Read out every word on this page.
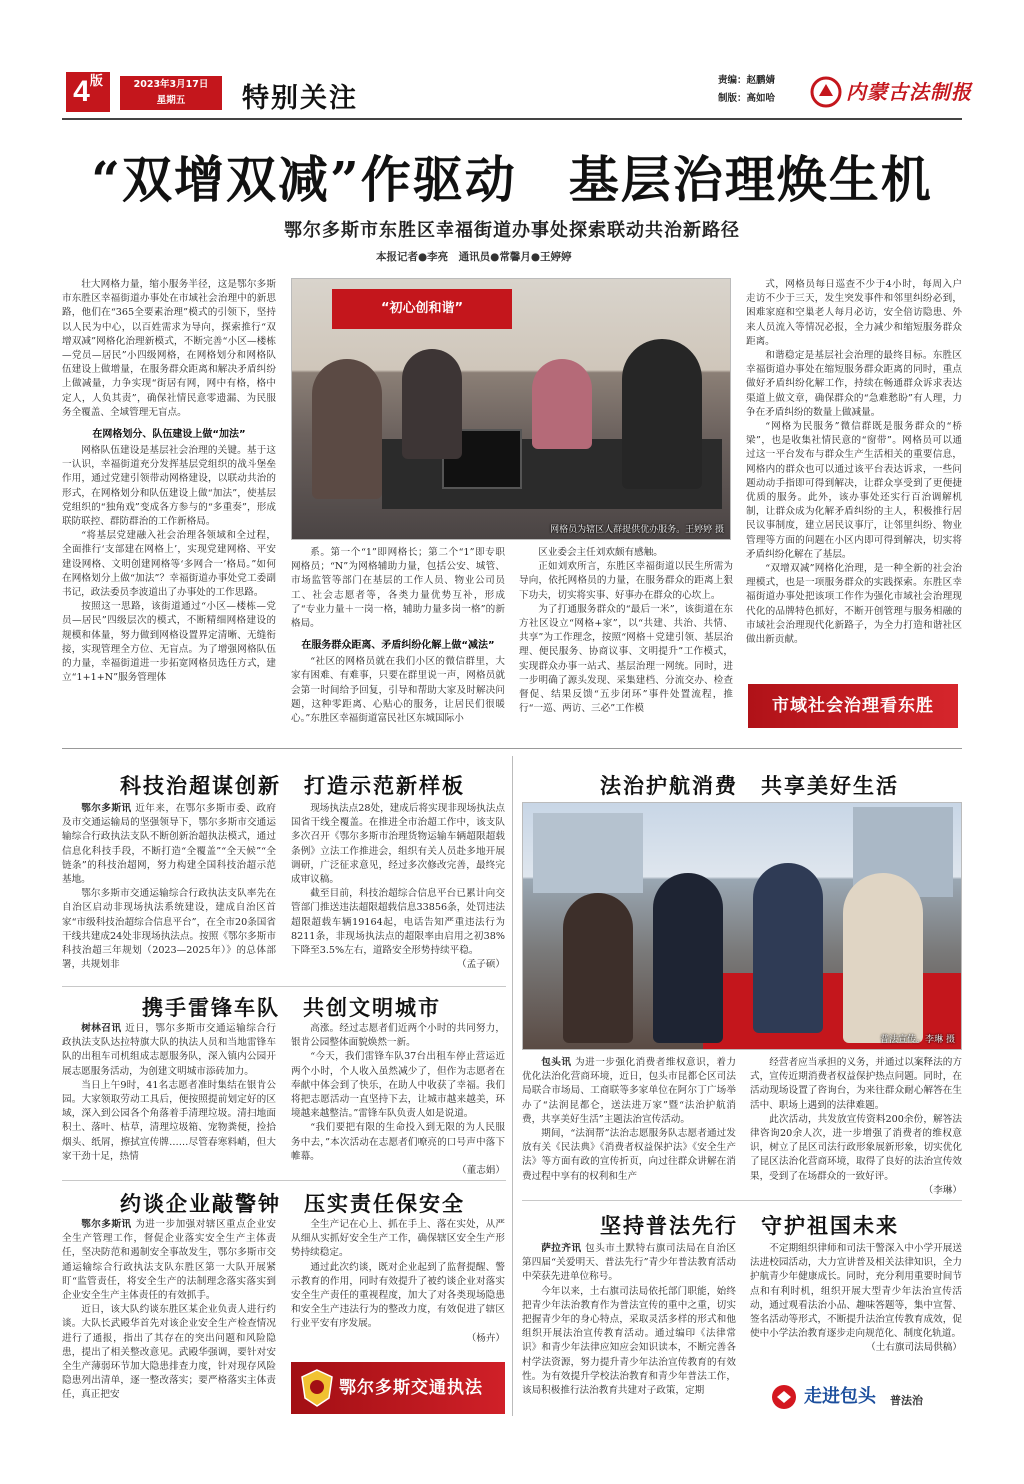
$4^版$	2023年3月17日
星期五	特别关注
责编：赵鹏婧
制版：高如哈	内蒙古法制报
“双增双减”作驱动　基层治理焕生机
鄂尔多斯市东胜区幸福街道办事处探索联动共治新路径
本报记者●李亮　通讯员●常馨月●王婷婷

壮大网格力量，缩小服务半径，这是鄂尔多斯市东胜区幸福街道办事处在市域社会治理中的新思路，他们在“365全要素治理”模式的引领下，坚持以人民为中心，以百姓需求为导向，探索推行“双增双减”网格化治理新模式，不断完善“小区—楼栋—党员—居民”小四级网格，在网格划分和网格队伍建设上做增量，在服务群众距离和解决矛盾纠纷上做减量，力争实现“街居有网，网中有格，格中定人，人负其责”，确保社情民意零遗漏、为民服务全覆盖、全域管理无盲点。

在网格划分、队伍建设上做“加法”

网格队伍建设是基层社会治理的关键。基于这一认识，幸福街道充分发挥基层党组织的战斗堡垒作用，通过党建引领带动网格建设，以联动共治的形式，在网格划分和队伍建设上做“加法”，使基层党组织的“独角戏”变成各方参与的“多重奏”，形成联防联控、群防群治的工作新格局。

“将基层党建融入社会治理各领域和全过程，全面推行‘支部建在网格上’，实现党建网格、平安建设网格、文明创建网格等‘多网合一’格局。”如何在网格划分上做“加法”？幸福街道办事处党工委副书记，政法委员李波道出了办事处的工作思路。

按照这一思路，该街道通过“小区—楼栋—党员—居民”四级层次的模式，不断精细网格建设的规模和体量，努力做到网格设置界定清晰、无缝衔接，实现管理全方位、无盲点。为了增强网格队伍的力量，幸福街道进一步拓宽网格员选任方式，建立“1+1+N”服务管理体

“初心创和谐”
网格员为辖区人群提供优办服务。王婷婷 摄

系。第一个“1”即网格长；第二个“1”即专职网格员；“N”为网格辅助力量，包括公安、城管、市场监管等部门在基层的工作人员、物业公司员工、社会志愿者等，各类力量优势互补，形成了“专业力量＋一岗一格，辅助力量多岗一格”的新格局。

在服务群众距离、矛盾纠纷化解上做“减法”

“社区的网格员就在我们小区的微信群里，大家有困难、有难事，只要在群里说一声，网格员就会第一时间给予回复，引导和帮助大家及时解决问题，这种零距离、心贴心的服务，让居民们很暖心。”东胜区幸福街道富民社区东城国际小

区业委会主任刘欢颇有感触。

正如刘欢所言，东胜区幸福街道以民生所需为导向，依托网格员的力量，在服务群众的距离上狠下功夫，切实将实事、好事办在群众的心坎上。

为了打通服务群众的“最后一米”，该街道在东方社区设立“网格+家”，以“共建、共治、共情、共享”为工作理念，按照“网格＋党建引领、基层治理、便民服务、协商议事、文明提升”工作模式，实现群众办事一站式、基层治理一网统。同时，进一步明确了源头发现、采集建档、分流交办、检查督促、结果反馈“五步闭环”事件处置流程，推行“一巡、两访、三必”工作模

式，网格员每日巡查不少于4小时，每周入户走访不少于三天，发生突发事件和邻里纠纷必到，困难家庭和空巢老人每月必访，安全倍访隐患、外来人员流入等情况必报，全力减少和缩短服务群众距离。

和谐稳定是基层社会治理的最终目标。东胜区幸福街道办事处在缩短服务群众距离的同时，重点做好矛盾纠纷化解工作，持续在畅通群众诉求表达渠道上做文章，确保群众的“急难愁盼”有人理，力争在矛盾纠纷的数量上做减量。

“网格为民服务”微信群既是服务群众的“桥梁”，也是收集社情民意的“窗带”。网格员可以通过这一平台发布与群众生产生活相关的重要信息，网格内的群众也可以通过该平台表达诉求，一些问题动动手指即可得到解决，让群众享受到了更便捷优质的服务。此外，该办事处还实行百治调解机制，让群众成为化解矛盾纠纷的主人，积极推行居民议事制度，建立居民议事厅，让邻里纠纷、物业管理等方面的问题在小区内即可得到解决，切实将矛盾纠纷化解在了基层。

“双增双减”网格化治理，是一种全新的社会治理模式，也是一项服务群众的实践探索。东胜区幸福街道办事处把该项工作作为强化市域社会治理现代化的品牌特色抓好，不断开创管理与服务相融的市域社会治理现代化新路子，为全力打造和谐社区做出新贡献。

市域社会治理看东胜
科技治超谋创新　打造示范新样板

鄂尔多斯讯 近年来，在鄂尔多斯市委、政府及市交通运输局的坚强领导下，鄂尔多斯市交通运输综合行政执法支队不断创新治超执法模式，通过信息化科技手段，不断打造“全覆盖”“全天候”“全链条”的科技治超网，努力构建全国科技治超示范基地。

鄂尔多斯市交通运输综合行政执法支队率先在自治区启动非现场执法系统建设，建成自治区首家“市级科技治超综合信息平台”，在全市20条国省干线共建成24处非现场执法点。按照《鄂尔多斯市科技治超三年规划（2023—2025年）》的总体部署，共规划非

现场执法点28处，建成后将实现非现场执法点国省干线全覆盖。在推进全市治超工作中，该支队多次召开《鄂尔多斯市治理货物运输车辆超限超载条例》立法工作推进会，组织有关人员赴多地开展调研，广泛征求意见，经过多次修改完善，最终完成审议稿。

截至目前，科技治超综合信息平台已累计向交管部门推送违法超限超载信息33856条，处罚违法超限超载车辆19164起，电话告知严重违法行为8211条，非现场执法点的超限率由启用之初38%下降至3.5%左右，道路安全形势持续平稳。

（孟子硕）
携手雷锋车队　共创文明城市

树林召讯 近日，鄂尔多斯市交通运输综合行政执法支队达拉特旗大队的执法人员和当地雷锋车队的出租车司机组成志愿服务队，深入镇内公园开展志愿服务活动，为创建文明城市添砖加力。

当日上午9时，41名志愿者准时集结在银肯公园。大家领取劳动工具后，便按照提前划定好的区域，深入到公园各个角落着手清理垃圾。清扫地面积土、落叶、枯草，清理垃圾箱、宠物粪便，捡拾烟头、纸屑，擦拭宣传牌……尽管春寒料峭，但大家干劲十足，热情

高涨。经过志愿者们近两个小时的共同努力，银肯公园整体面貌焕然一新。

“今天，我们雷锋车队37台出租车停止营运近两个小时，个人收入虽然减少了，但作为志愿者在奉献中体会到了快乐，在助人中收获了幸福。我们将把志愿活动一直坚持下去，让城市越来越美，环境越来越整洁。”雷锋车队负责人如是说道。

“我们要把有限的生命投入到无限的为人民服务中去，”本次活动在志愿者们嘹亮的口号声中落下帷幕。

（董志娟）
约谈企业敲警钟　压实责任保安全

鄂尔多斯讯 为进一步加强对辖区重点企业安全生产管理工作，督促企业落实安全生产主体责任，坚决防范和遏制安全事故发生，鄂尔多斯市交通运输综合行政执法支队东胜区第一大队开展紧盯“监管责任，将安全生产的法制理念落实落实到企业安全生产主体责任的有效抓手。

近日，该大队约谈东胜区某企业负责人进行约谈。大队长武殿华首先对该企业安全生产检查情况进行了通报，指出了其存在的突出问题和风险隐患，提出了相关整改意见。武殿华强调，要针对安全生产薄弱环节加大隐患排查力度，针对现存风险隐患列出清单，逐一整改落实；要严格落实主体责任，真正把安

全生产记在心上、抓在手上、落在实处，从严从细从实抓好安全生产工作，确保辖区安全生产形势持续稳定。

通过此次约谈，既对企业起到了监督提醒、警示教育的作用，同时有效提升了被约谈企业对落实安全生产责任的重视程度，加大了对各类现场隐患和安全生产违法行为的整改力度，有效促进了辖区行业平安有序发展。

（杨卉）
鄂尔多斯交通执法
法治护航消费　共享美好生活
普法宣传。李琳 摄

包头讯 为进一步强化消费者维权意识，着力优化法治化营商环境，近日，包头市昆都仑区司法局联合市场局、工商联等多家单位在阿尔丁广场举办了“法润昆都仑，送法进万家”暨“法治护航消费，共享美好生活”主题法治宣传活动。

期间，“法润帮”法治志愿服务队志愿者通过发放有关《民法典》《消费者权益保护法》《安全生产法》等方面有政的宣传折页，向过往群众讲解在消费过程中享有的权利和生产

经营者应当承担的义务，并通过以案释法的方式，宣传近期消费者权益保护热点问题。同时，在活动现场设置了咨询台，为来往群众耐心解答在生活中、职场上遇到的法律难题。

此次活动，共发放宣传资料200余份，解答法律咨询20余人次，进一步增强了消费者的维权意识，树立了昆区司法行政形象展新形象，切实优化了昆区法治化营商环境，取得了良好的法治宣传效果，受到了在场群众的一致好评。

（李琳）
坚持普法先行　守护祖国未来

萨拉齐讯 包头市土默特右旗司法局在自治区第四届“关爱明天、普法先行”青少年普法教育活动中荣获先进单位称号。

今年以来，土右旗司法局依托部门职能，始终把青少年法治教育作为普法宣传的重中之重，切实把握青少年的身心特点，采取灵活多样的形式和他组织开展法治宣传教育活动。通过编印《法律常识》和青少年法律应知应会知识读本，不断完善各村学法资源，努力提升青少年法治宣传教育的有效性。为有效提升学校法治教育和青少年普法工作，该局积极推行法治教育共建对子政策，定期

不定期组织律师和司法干警深入中小学开展送法进校园活动，大力宣讲普及相关法律知识，全力护航青少年健康成长。同时，充分利用重要时间节点和有利时机，组织开展大型青少年法治宣传活动，通过观看法治小品、趣味答题等，集中宣誓、签名活动等形式，不断提升法治宣传教育成效，促使中小学法治教育逐步走向规范化、制度化轨道。

（土右旗司法局供稿）
走进包头 普法治
